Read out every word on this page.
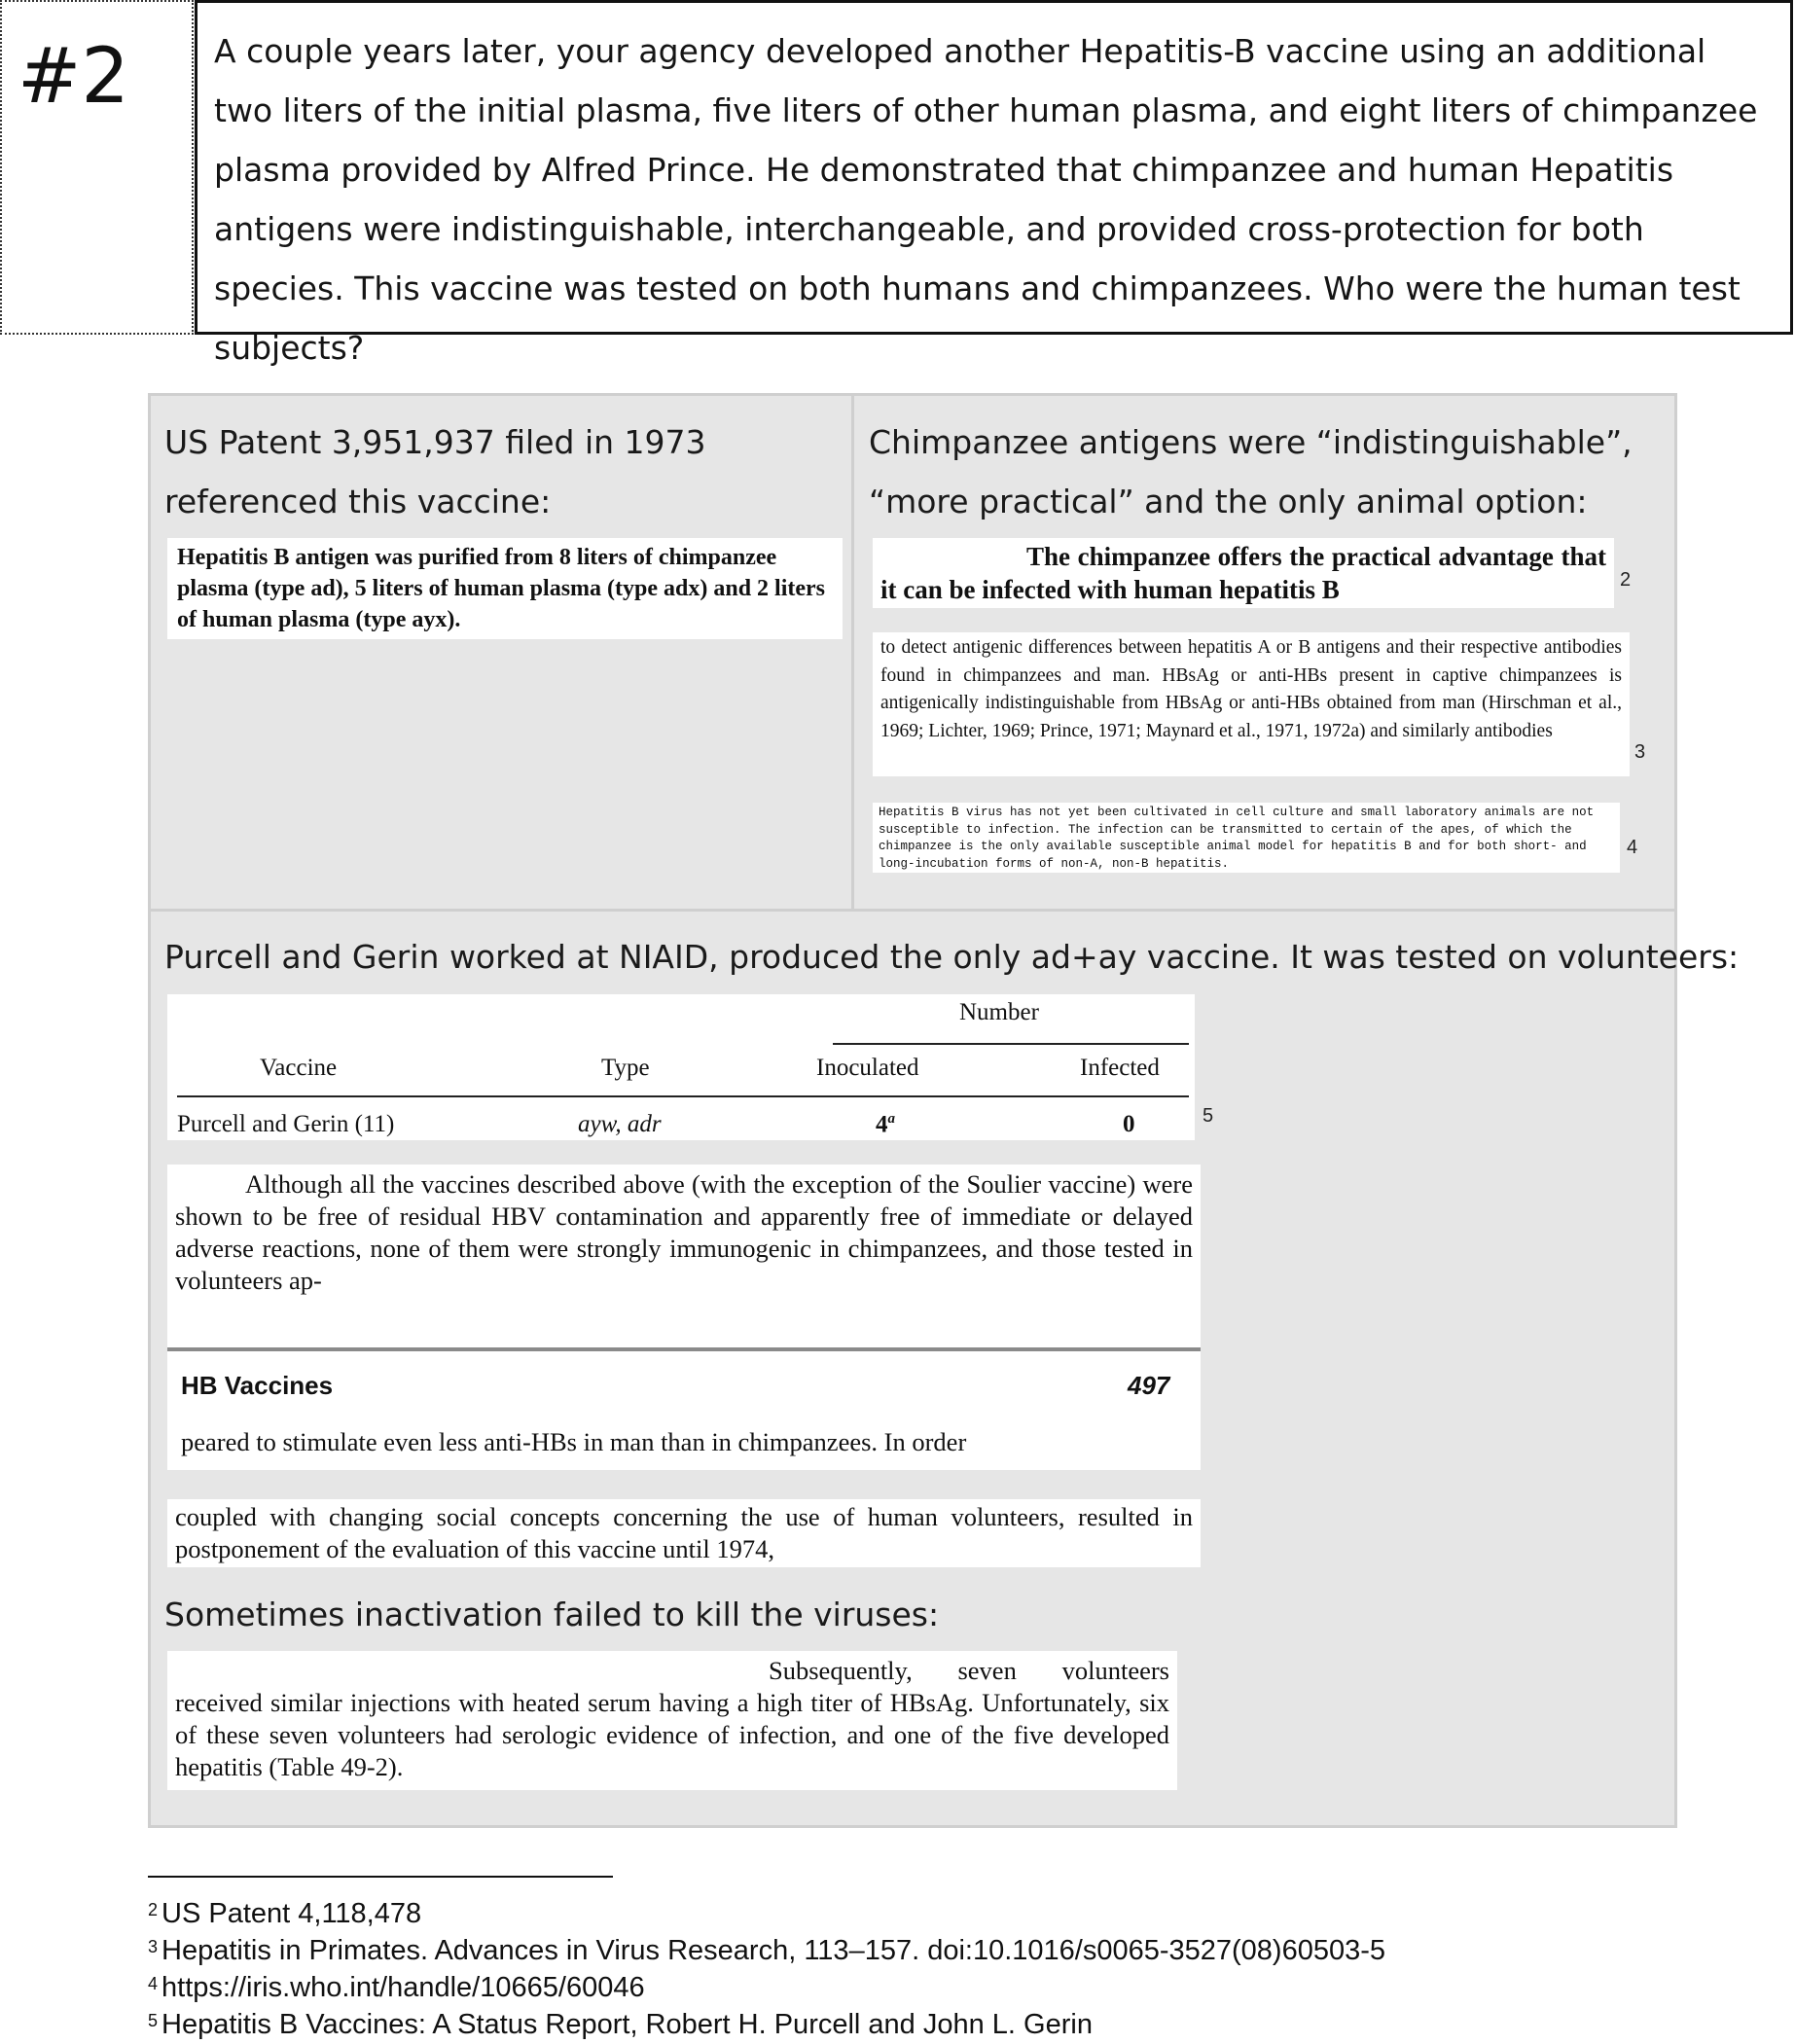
#2	A couple years later, your agency developed another Hepatitis-B vaccine using an additional two liters of the initial plasma, five liters of other human plasma, and eight liters of chimpanzee plasma provided by Alfred Prince. He demonstrated that chimpanzee and human Hepatitis antigens were indistinguishable, interchangeable, and provided cross-protection for both species. This vaccine was tested on both humans and chimpanzees. Who were the human test subjects?
US Patent 3,951,937 filed in 1973
referenced this vaccine:
Hepatitis B antigen was purified from 8 liters of chimpanzee plasma (type ad), 5 liters of human plasma (type adx) and 2 liters of human plasma (type ayx).
Chimpanzee antigens were “indistinguishable”,
“more practical” and the only animal option:
The chimpanzee offers the practical advantage that it can be infected with human hepatitis B	2
to detect antigenic differences between hepatitis A or B antigens and their respective antibodies found in chimpanzees and man. HBsAg or anti-HBs present in captive chimpanzees is antigenically indistinguishable from HBsAg or anti-HBs obtained from man (Hirschman et al., 1969; Lichter, 1969; Prince, 1971; Maynard et al., 1971, 1972a) and similarly antibodies
3
Hepatitis B virus has not yet been cultivated in cell culture and small laboratory animals are not susceptible to infection. The infection can be transmitted to certain of the apes, of which the chimpanzee is the only available susceptible animal model for hepatitis B and for both short- and long-incubation forms of non-A, non-B hepatitis.
4
Purcell and Gerin worked at NIAID, produced the only ad+ay vaccine. It was tested on volunteers:
Number
Vaccine	Type	Inoculated	Infected
Purcell and Gerin (11)	ayw, adr	4$^a$	0	5
Although all the vaccines described above (with the exception of the Soulier vaccine) were shown to be free of residual HBV contamination and apparently free of immediate or delayed adverse reactions, none of them were strongly immunogenic in chimpanzees, and those tested in volunteers ap-
HB Vaccines	497
peared to stimulate even less anti-HBs in man than in chimpanzees. In order
coupled with changing social concepts concerning the use of human volunteers, resulted in postponement of the evaluation of this vaccine until 1974,
Sometimes inactivation failed to kill the viruses:
Subsequently, seven volunteers received similar injections with heated serum having a high titer of HBsAg. Unfortunately, six of these seven volunteers had serologic evidence of infection, and one of the five developed hepatitis (Table 49-2).
$^2$ US Patent 4,118,478
$^3$ Hepatitis in Primates. Advances in Virus Research, 113–157. doi:10.1016/s0065-3527(08)60503-5
$^4$ https://iris.who.int/handle/10665/60046
$^5$ Hepatitis B Vaccines: A Status Report, Robert H. Purcell and John L. Gerin
